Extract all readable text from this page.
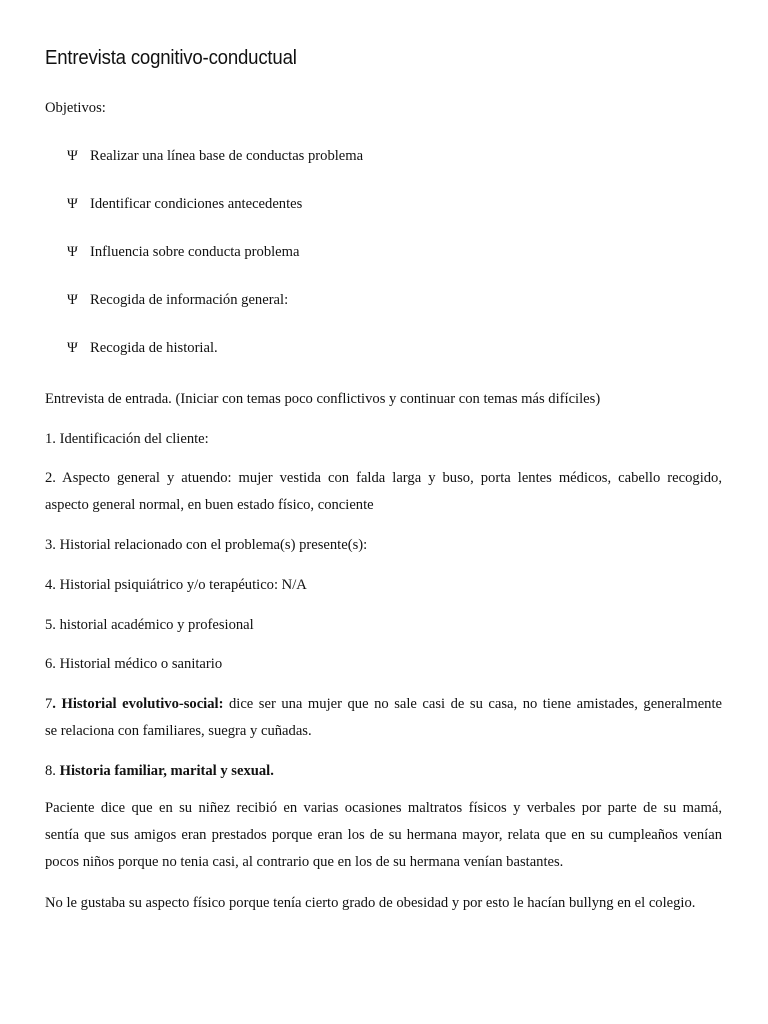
Entrevista cognitivo-conductual
Objetivos:
Ψ Realizar una línea base de conductas problema
Ψ Identificar condiciones antecedentes
Ψ Influencia sobre conducta problema
Ψ Recogida de información general:
Ψ Recogida de historial.
Entrevista de entrada. (Iniciar con temas poco conflictivos y continuar con temas más difíciles)
1. Identificación del cliente:
2. Aspecto general y atuendo: mujer vestida con falda larga y buso, porta lentes médicos, cabello recogido,
aspecto general normal, en buen estado físico, conciente
3. Historial relacionado con el problema(s) presente(s):
4. Historial psiquiátrico y/o terapéutico: N/A
5. historial académico y profesional
6. Historial médico o sanitario
7. Historial evolutivo-social: dice ser una mujer que no sale casi de su casa, no tiene amistades, generalmente
se relaciona con familiares, suegra y cuñadas.
8. Historia familiar, marital y sexual.
Paciente dice que en su niñez recibió en varias ocasiones maltratos físicos y verbales por parte de su mamá,
sentía que sus amigos eran prestados porque eran los de su hermana mayor, relata que en su cumpleaños venían
pocos niños porque no tenia casi, al contrario que en los de su hermana venían bastantes.
No le gustaba su aspecto físico porque tenía cierto grado de obesidad y por esto le hacían bullyng en el colegio.
